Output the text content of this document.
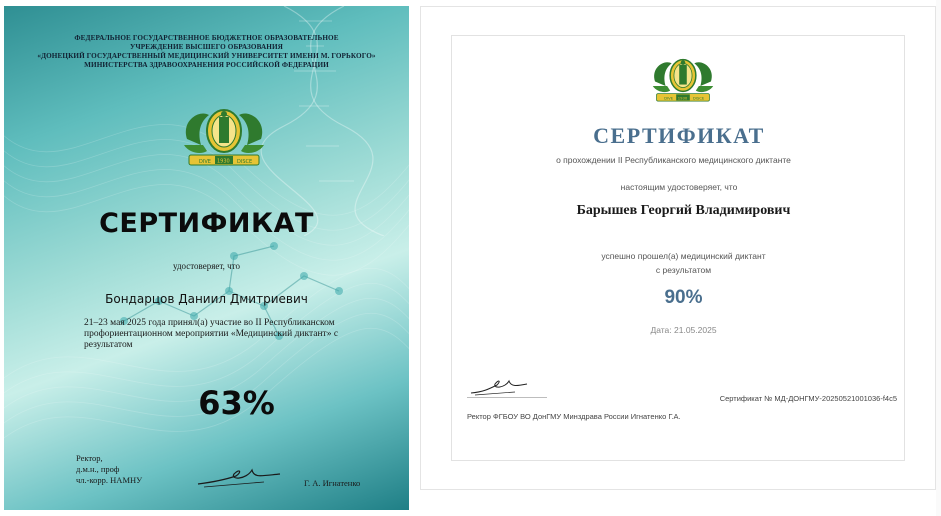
ФЕДЕРАЛЬНОЕ ГОСУДАРСТВЕННОЕ БЮДЖЕТНОЕ ОБРАЗОВАТЕЛЬНОЕ
УЧРЕЖДЕНИЕ ВЫСШЕГО ОБРАЗОВАНИЯ
«ДОНЕЦКИЙ ГОСУДАРСТВЕННЫЙ МЕДИЦИНСКИЙ УНИВЕРСИТЕТ ИМЕНИ М. ГОРЬКОГО»
МИНИСТЕРСТВА ЗДРАВООХРАНЕНИЯ РОССИЙСКОЙ ФЕДЕРАЦИИ
DIVE 1930 DISCE
СЕРТИФИКАТ
удостоверяет, что
Бондарцов Даниил Дмитриевич
21–23 мая 2025 года принял(а) участие во II Республиканском профориентационном мероприятии «Медицинский диктант» с результатом
63%
Ректор,
д.м.н., проф
чл.-корр. НАМНУ	Г. А. Игнатенко
DIVE 1930 DISCE
СЕРТИФИКАТ
о прохождении II Республиканского медицинского диктанте
настоящим удостоверяет, что
Барышев Георгий Владимирович
успешно прошел(а) медицинский диктант
с результатом
90%
Дата: 21.05.2025
Ректор ФГБОУ ВО ДонГМУ Минздрава России Игнатенко Г.А.
Сертификат № МД-ДОНГМУ-20250521001036-f4c5
